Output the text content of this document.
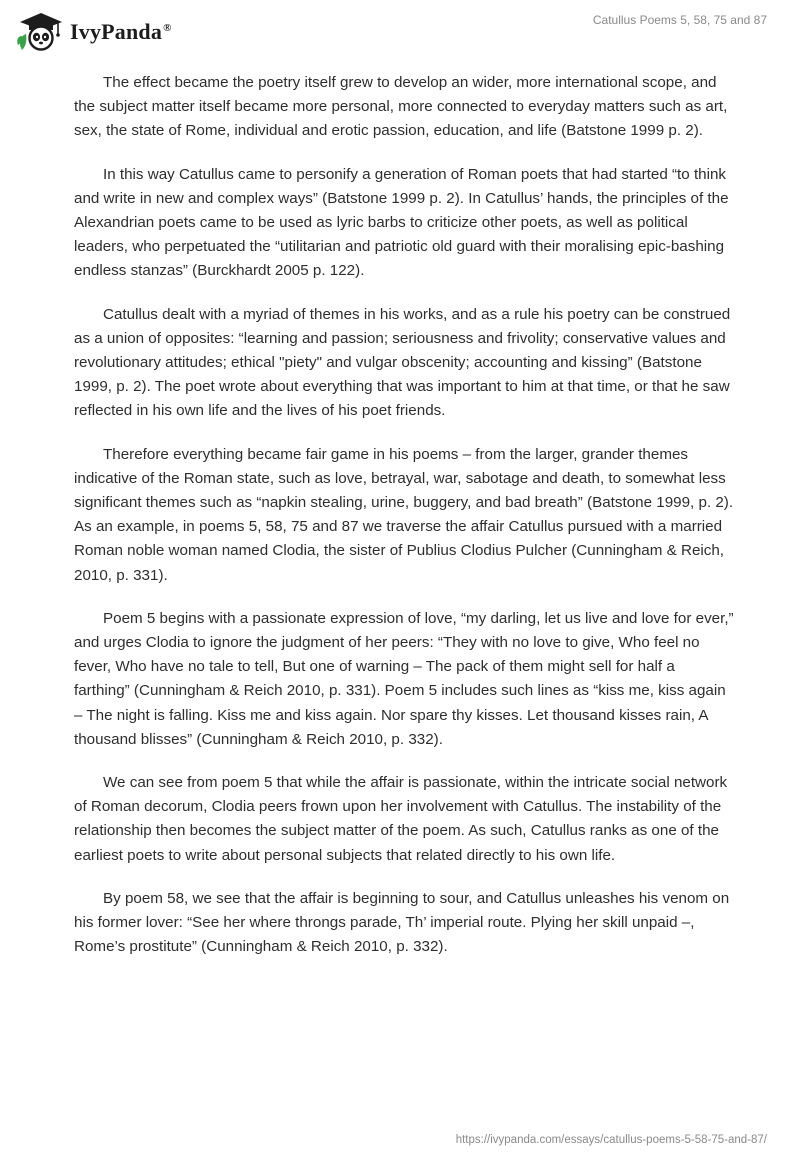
IvyPanda®
Catullus Poems 5, 58, 75 and 87

The effect became the poetry itself grew to develop an wider, more international scope, and the subject matter itself became more personal, more connected to everyday matters such as art, sex, the state of Rome, individual and erotic passion, education, and life (Batstone 1999 p. 2).

In this way Catullus came to personify a generation of Roman poets that had started “to think and write in new and complex ways” (Batstone 1999 p. 2). In Catullus’ hands, the principles of the Alexandrian poets came to be used as lyric barbs to criticize other poets, as well as political leaders, who perpetuated the “utilitarian and patriotic old guard with their moralising epic-bashing endless stanzas” (Burckhardt 2005 p. 122).

Catullus dealt with a myriad of themes in his works, and as a rule his poetry can be construed as a union of opposites: “learning and passion; seriousness and frivolity; conservative values and revolutionary attitudes; ethical "piety" and vulgar obscenity; accounting and kissing” (Batstone 1999, p. 2). The poet wrote about everything that was important to him at that time, or that he saw reflected in his own life and the lives of his poet friends.

Therefore everything became fair game in his poems – from the larger, grander themes indicative of the Roman state, such as love, betrayal, war, sabotage and death, to somewhat less significant themes such as “napkin stealing, urine, buggery, and bad breath” (Batstone 1999, p. 2). As an example, in poems 5, 58, 75 and 87 we traverse the affair Catullus pursued with a married Roman noble woman named Clodia, the sister of Publius Clodius Pulcher (Cunningham & Reich, 2010, p. 331).

Poem 5 begins with a passionate expression of love, “my darling, let us live and love for ever,” and urges Clodia to ignore the judgment of her peers: “They with no love to give, Who feel no fever, Who have no tale to tell, But one of warning – The pack of them might sell for half a farthing” (Cunningham & Reich 2010, p. 331). Poem 5 includes such lines as “kiss me, kiss again – The night is falling. Kiss me and kiss again. Nor spare thy kisses. Let thousand kisses rain, A thousand blisses” (Cunningham & Reich 2010, p. 332).

We can see from poem 5 that while the affair is passionate, within the intricate social network of Roman decorum, Clodia peers frown upon her involvement with Catullus. The instability of the relationship then becomes the subject matter of the poem. As such, Catullus ranks as one of the earliest poets to write about personal subjects that related directly to his own life.

By poem 58, we see that the affair is beginning to sour, and Catullus unleashes his venom on his former lover: “See her where throngs parade, Th’ imperial route. Plying her skill unpaid –, Rome’s prostitute” (Cunningham & Reich 2010, p. 332).

https://ivypanda.com/essays/catullus-poems-5-58-75-and-87/
